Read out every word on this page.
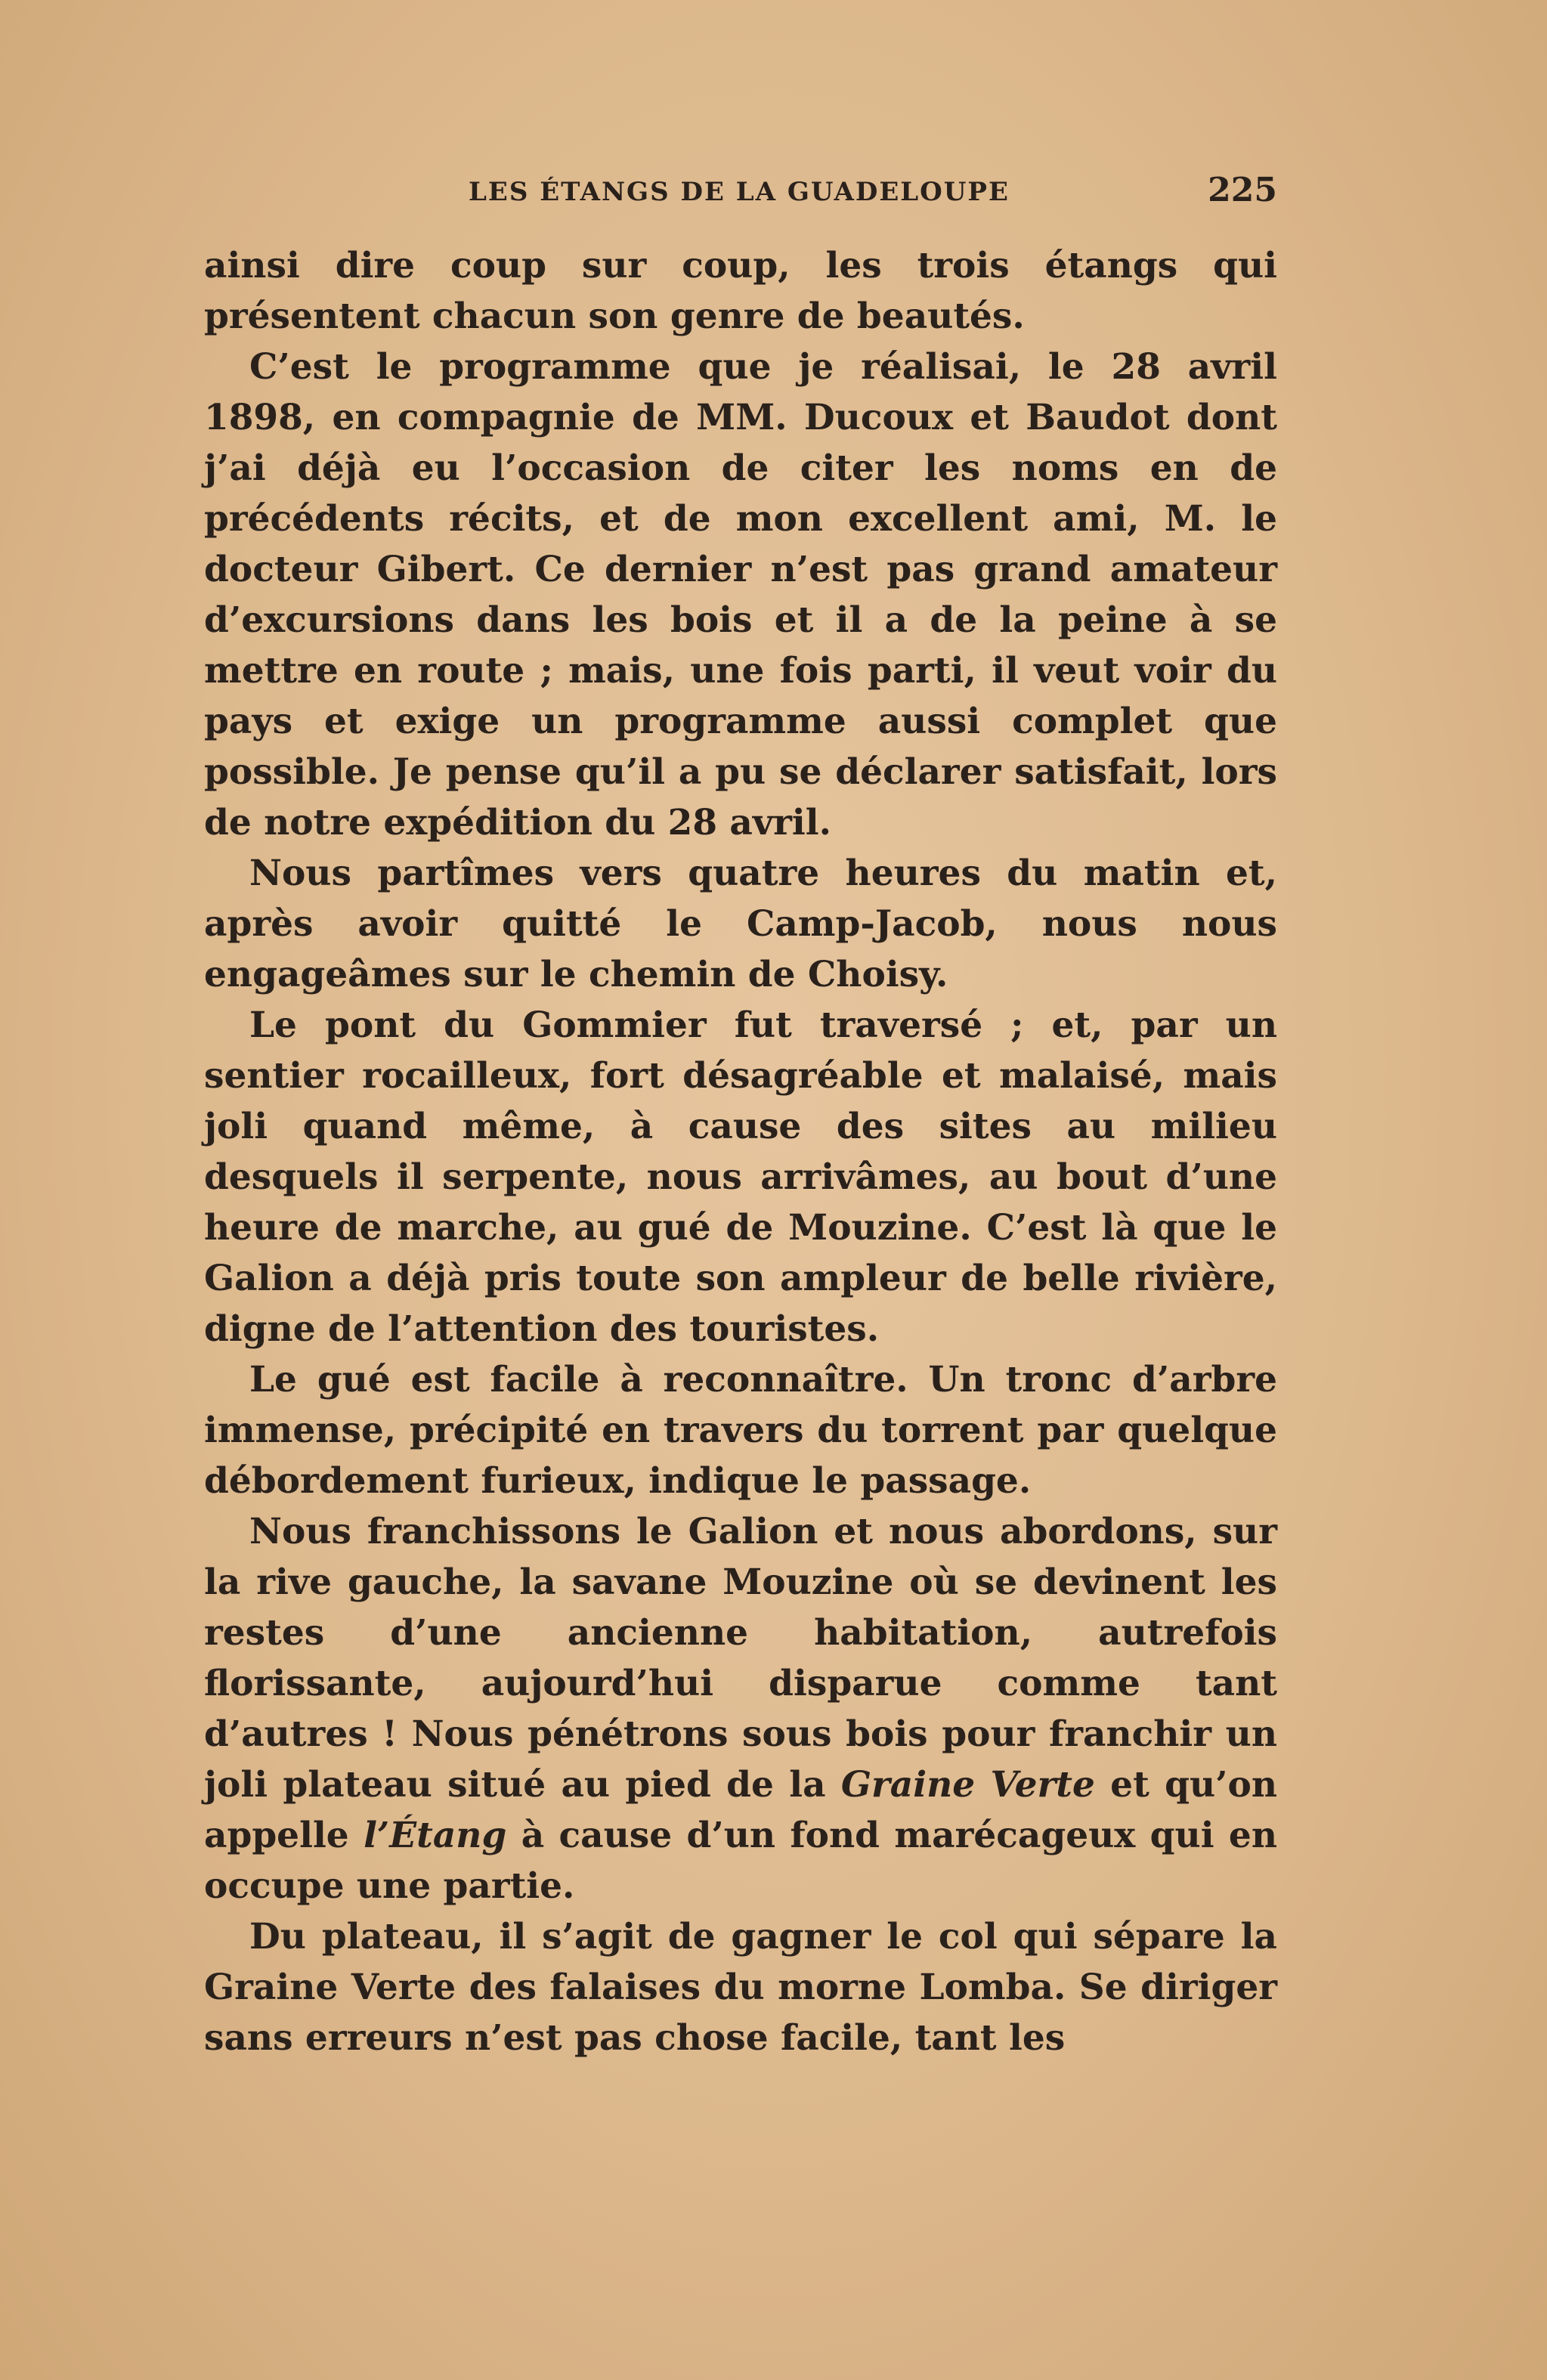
LES ÉTANGS DE LA GUADELOUPE	225

ainsi dire coup sur coup, les trois étangs qui présentent chacun son genre de beautés.

C’est le programme que je réalisai, le 28 avril 1898, en compagnie de MM. Ducoux et Baudot dont j’ai déjà eu l’occasion de citer les noms en de précédents récits, et de mon excellent ami, M. le docteur Gibert. Ce dernier n’est pas grand amateur d’excursions dans les bois et il a de la peine à se mettre en route ; mais, une fois parti, il veut voir du pays et exige un programme aussi complet que possible. Je pense qu’il a pu se déclarer satisfait, lors de notre expédition du 28 avril.

Nous partîmes vers quatre heures du matin et, après avoir quitté le Camp-Jacob, nous nous engageâmes sur le chemin de Choisy.

Le pont du Gommier fut traversé ; et, par un sentier rocailleux, fort désagréable et malaisé, mais joli quand même, à cause des sites au milieu desquels il serpente, nous arrivâmes, au bout d’une heure de marche, au gué de Mouzine. C’est là que le Galion a déjà pris toute son ampleur de belle rivière, digne de l’attention des touristes.

Le gué est facile à reconnaître. Un tronc d’arbre immense, précipité en travers du torrent par quelque débordement furieux, indique le passage.

Nous franchissons le Galion et nous abordons, sur la rive gauche, la savane Mouzine où se devinent les restes d’une ancienne habitation, autrefois florissante, aujourd’hui disparue comme tant d’autres ! Nous pénétrons sous bois pour franchir un joli plateau situé au pied de la Graine Verte et qu’on appelle l’Étang à cause d’un fond marécageux qui en occupe une partie.

Du plateau, il s’agit de gagner le col qui sépare la Graine Verte des falaises du morne Lomba. Se diriger sans erreurs n’est pas chose facile, tant les
